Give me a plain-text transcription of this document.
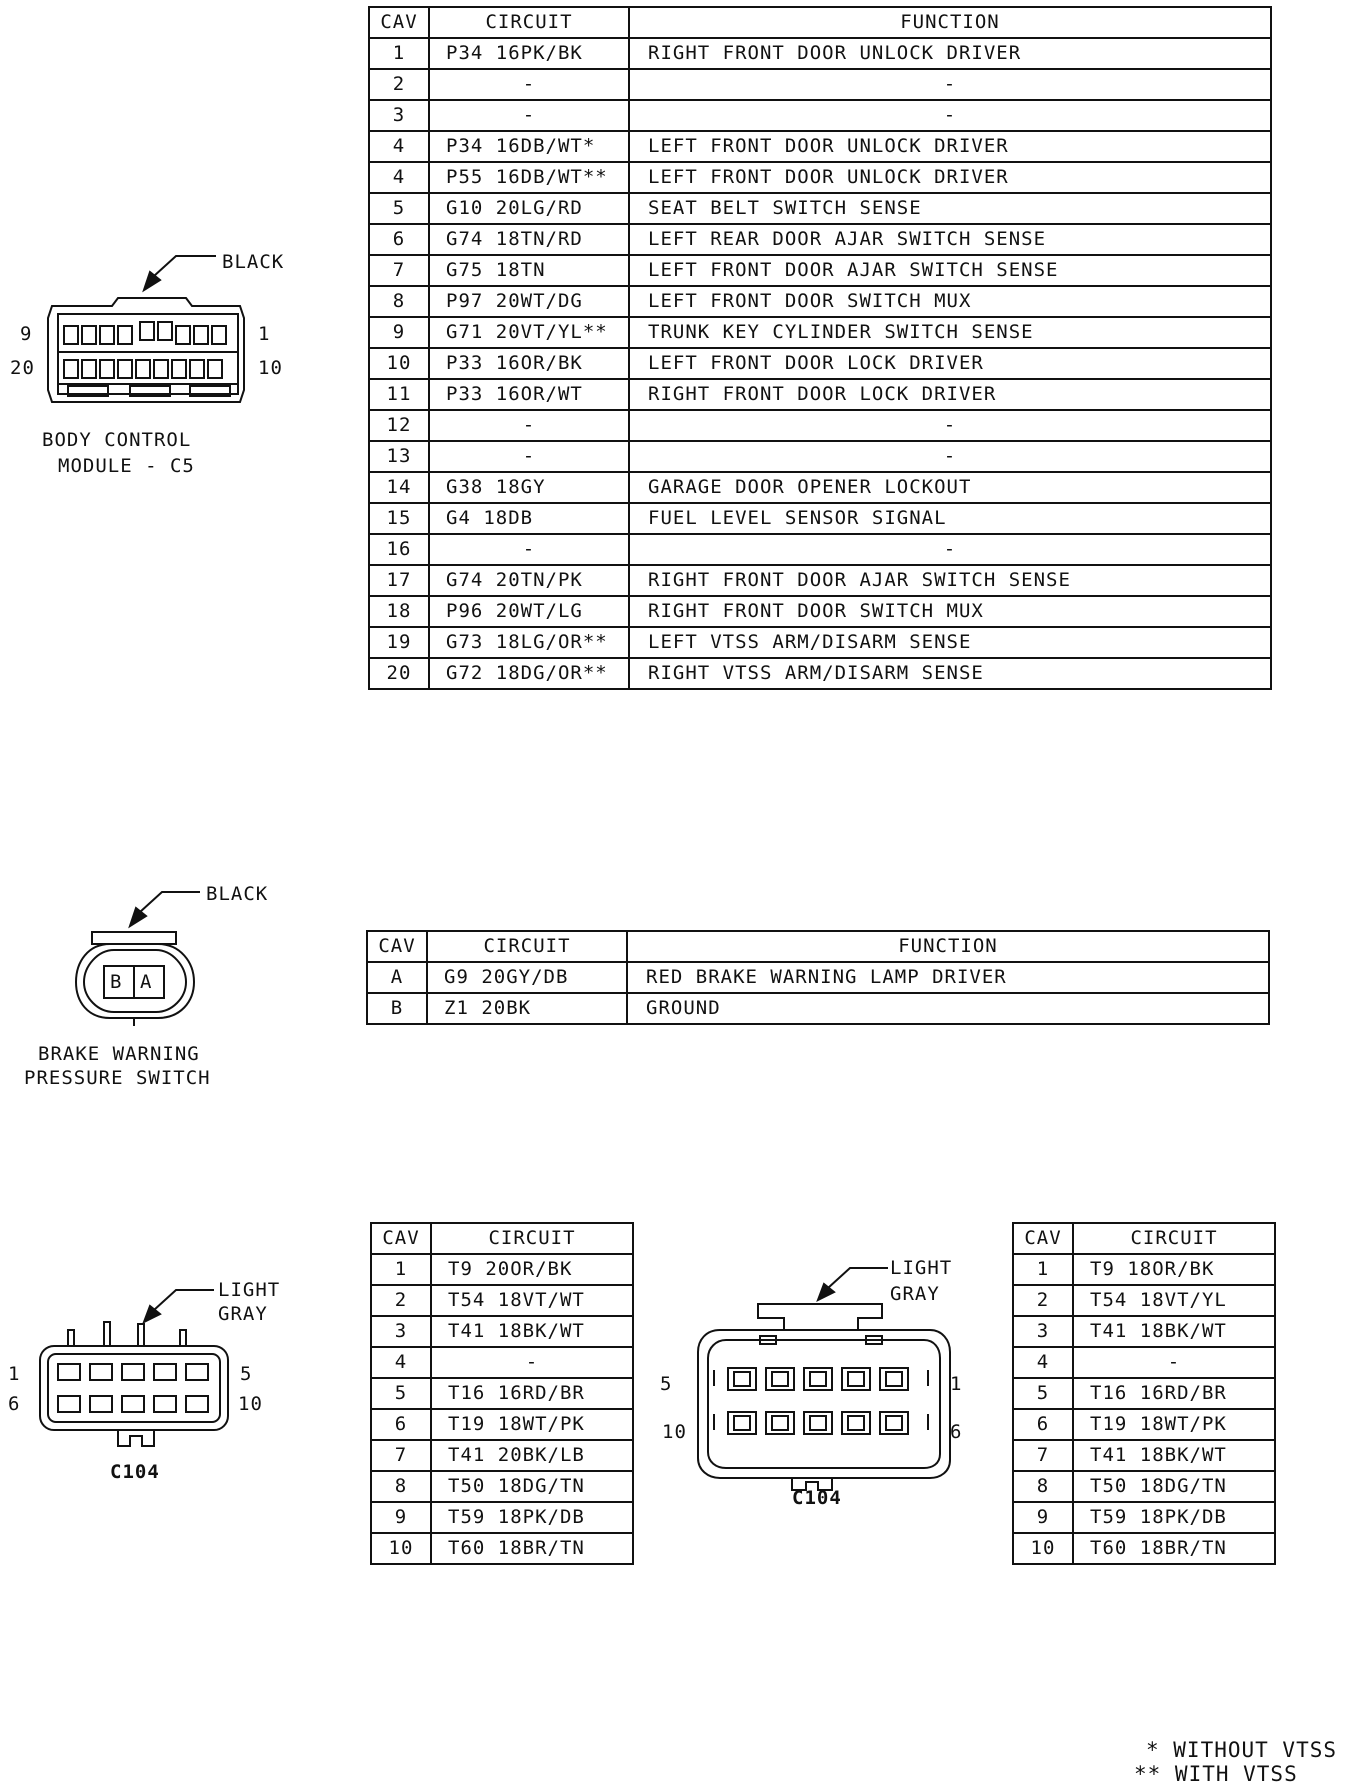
BLACK
9	1
20	10
BODY CONTROL
MODULE - C5
CAV	CIRCUIT	FUNCTION
1	P34 16PK/BK	RIGHT FRONT DOOR UNLOCK DRIVER
2	-	-
3	-	-
4	P34 16DB/WT*	LEFT FRONT DOOR UNLOCK DRIVER
4	P55 16DB/WT**	LEFT FRONT DOOR UNLOCK DRIVER
5	G10 20LG/RD	SEAT BELT SWITCH SENSE
6	G74 18TN/RD	LEFT REAR DOOR AJAR SWITCH SENSE
7	G75 18TN	LEFT FRONT DOOR AJAR SWITCH SENSE
8	P97 20WT/DG	LEFT FRONT DOOR SWITCH MUX
9	G71 20VT/YL**	TRUNK KEY CYLINDER SWITCH SENSE
10	P33 16OR/BK	LEFT FRONT DOOR LOCK DRIVER
11	P33 16OR/WT	RIGHT FRONT DOOR LOCK DRIVER
12	-	-
13	-	-
14	G38 18GY	GARAGE DOOR OPENER LOCKOUT
15	G4 18DB	FUEL LEVEL SENSOR SIGNAL
16	-	-
17	G74 20TN/PK	RIGHT FRONT DOOR AJAR SWITCH SENSE
18	P96 20WT/LG	RIGHT FRONT DOOR SWITCH MUX
19	G73 18LG/OR**	LEFT VTSS ARM/DISARM SENSE
20	G72 18DG/OR**	RIGHT VTSS ARM/DISARM SENSE
B A
BLACK
BRAKE WARNING
PRESSURE SWITCH
CAV	CIRCUIT	FUNCTION
A	G9 20GY/DB	RED BRAKE WARNING LAMP DRIVER
B	Z1 20BK	GROUND
LIGHT
GRAY
1
6
5
10
C104
CAV	CIRCUIT
1	T9 20OR/BK
2	T54 18VT/WT
3	T41 18BK/WT
4	-
5	T16 16RD/BR
6	T19 18WT/PK
7	T41 20BK/LB
8	T50 18DG/TN
9	T59 18PK/DB
10	T60 18BR/TN
LIGHT
GRAY
5
10
1
6
C104
CAV	CIRCUIT
1	T9 18OR/BK
2	T54 18VT/YL
3	T41 18BK/WT
4	-
5	T16 16RD/BR
6	T19 18WT/PK
7	T41 18BK/WT
8	T50 18DG/TN
9	T59 18PK/DB
10	T60 18BR/TN
* WITHOUT VTSS
** WITH VTSS
